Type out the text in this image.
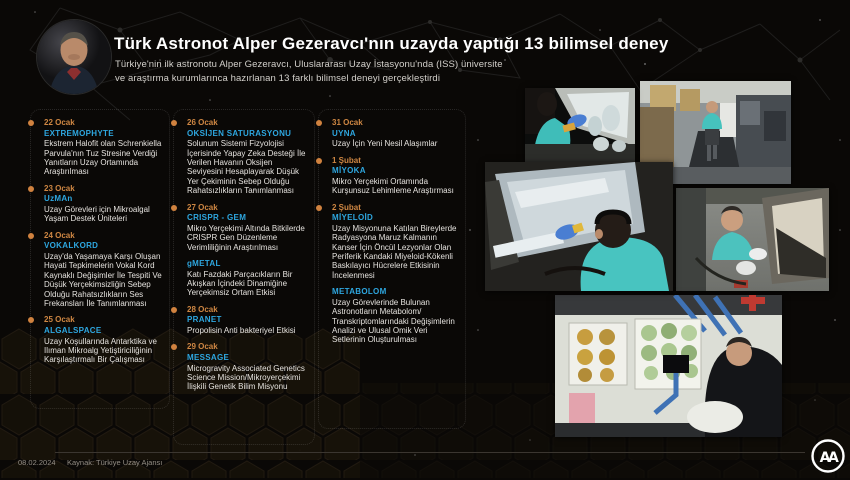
Türk Astronot Alper Gezeravcı'nın uzayda yaptığı 13 bilimsel deney
Türkiye'nin ilk astronotu Alper Gezeravcı, Uluslararası Uzay İstasyonu'nda (ISS) üniversite
ve araştırma kurumlarınca hazırlanan 13 farklı bilimsel deneyi gerçekleştirdi
22 Ocak
EXTREMOPHYTE
Ekstrem Halofit olan Schrenkiella Parvula'nın Tuz Stresine Verdiği Yanıtların Uzay Ortamında Araştırılması
23 Ocak
UzMAn
Uzay Görevleri için Mikroalgal Yaşam Destek Üniteleri
24 Ocak
VOKALKORD
Uzay'da Yaşamaya Karşı Oluşan Hayati Tepkimelerin Vokal Kord Kaynaklı Değişimler İle Tespiti Ve Düşük Yerçekimsizliğin Sebep Olduğu Rahatsızlıkların Ses Frekansları İle Tanımlanması
25 Ocak
ALGALSPACE
Uzay Koşullarında Antarktika ve Ilıman Mikroalg Yetiştiriciliğinin Karşılaştırmalı Bir Çalışması
26 Ocak
OKSİJEN SATURASYONU
Solunum Sistemi Fizyolojisi İçerisinde Yapay Zeka Desteği İle Verilen Havanın Oksijen Seviyesini Hesaplayarak Düşük Yer Çekiminin Sebep Olduğu Rahatsızlıkların Tanımlanması
27 Ocak
CRISPR - GEM
Mikro Yerçekimi Altında Bitkilerde CRISPR Gen Düzenleme Verimliliğinin Araştırılması
gMETAL
Katı Fazdaki Parçacıkların Bir Akışkan İçindeki Dinamiğine Yerçekimsiz Ortam Etkisi
28 Ocak
PRANET
Propolisin Anti bakteriyel Etkisi
29 Ocak
MESSAGE
Microgravity Associated Genetics Science Mission/Mikroyerçekimi İlişkili Genetik Bilim Misyonu
31 Ocak
UYNA
Uzay İçin Yeni Nesil Alaşımlar
1 Şubat
MİYOKA
Mikro Yerçekimi Ortamında Kurşunsuz Lehimleme Araştırması
2 Şubat
MİYELOİD
Uzay Misyonuna Katılan Bireylerde Radyasyona Maruz Kalmanın Kanser İçin Öncül Lezyonlar Olan Periferik Kandaki Miyeloid-Kökenli Baskılayıcı Hücrelere Etkisinin İncelenmesi
METABOLOM
Uzay Görevlerinde Bulunan Astronotların Metabolom/ Transkriptomlarındaki Değişimlerin Analizi ve Ulusal Omik Veri Setlerinin Oluşturulması
08.02.2024 Kaynak: Türkiye Uzay Ajansı	AA
